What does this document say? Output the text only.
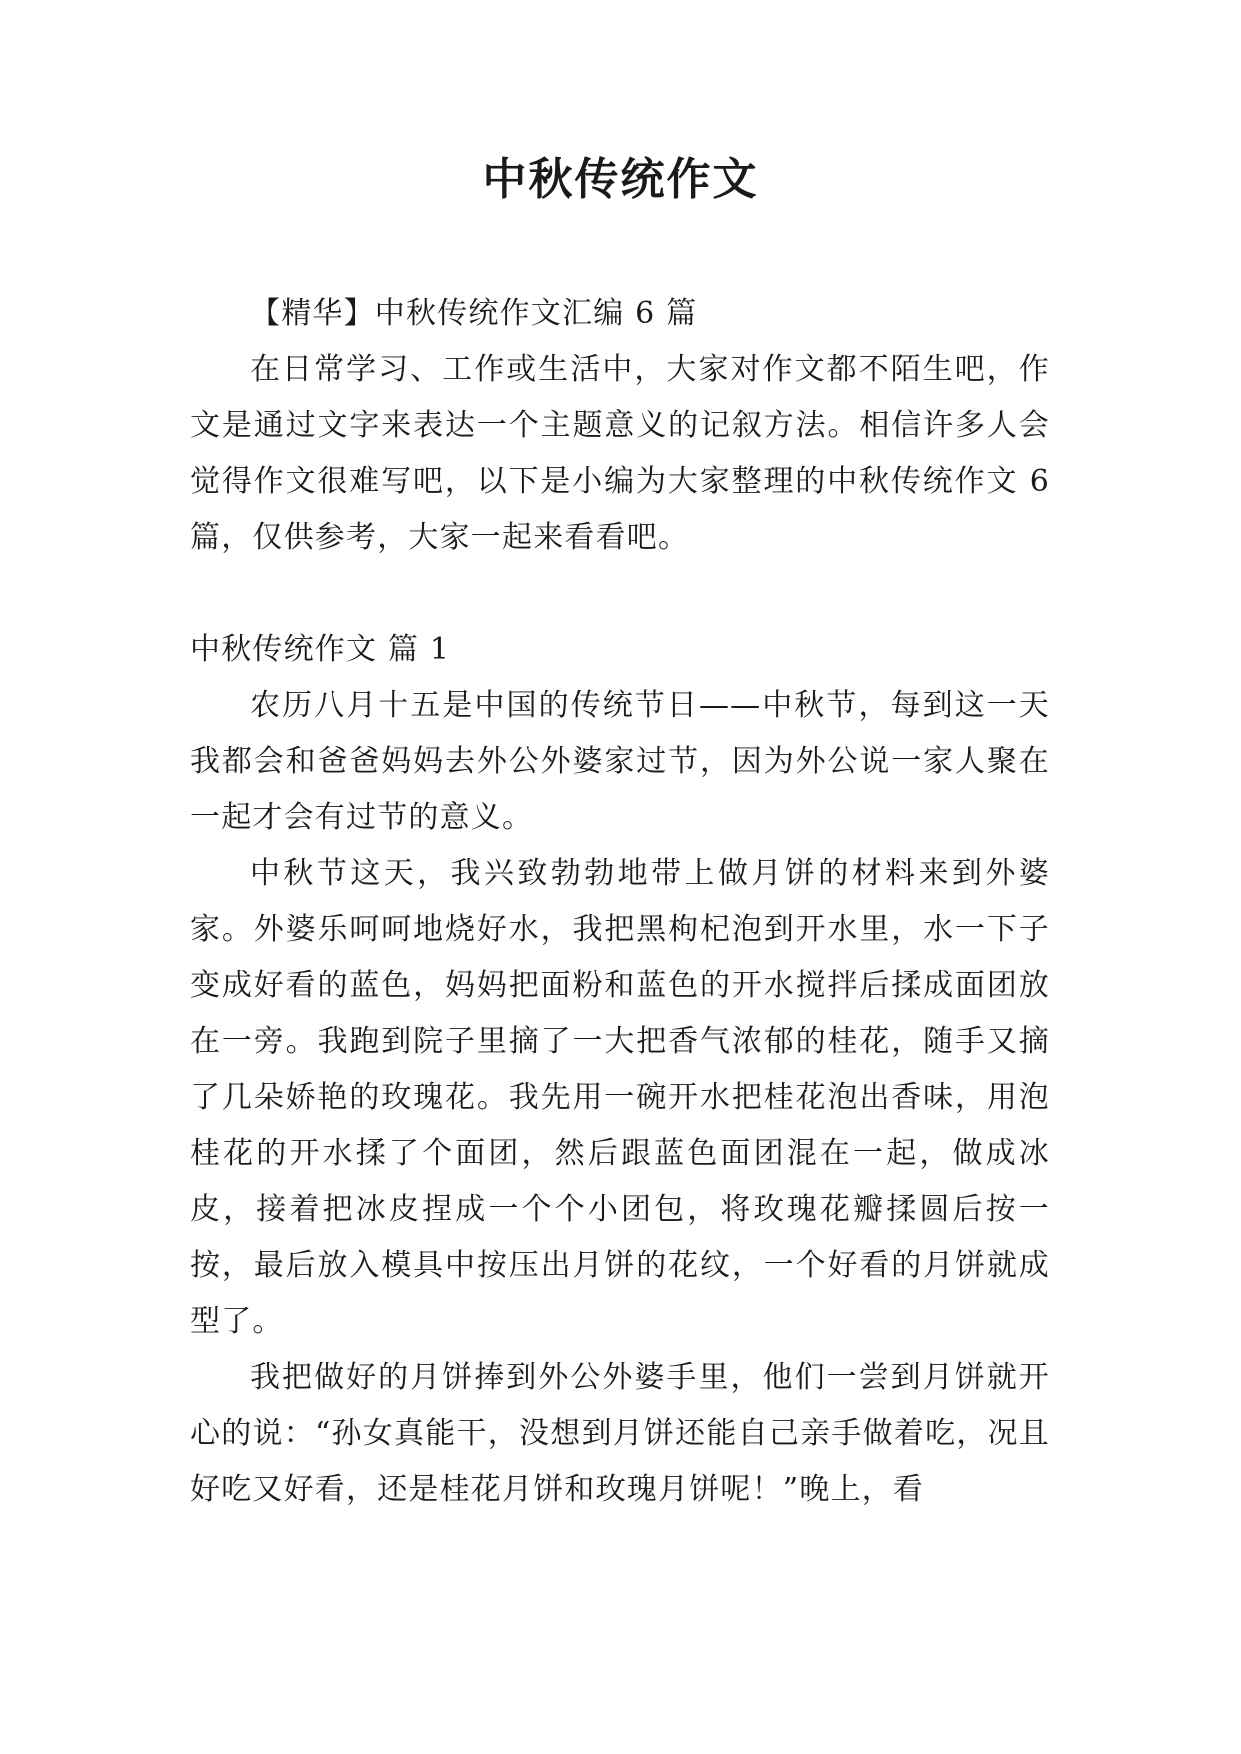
中秋传统作文

【精华】中秋传统作文汇编 6 篇

在日常学习、工作或生活中，大家对作文都不陌生吧，作文是通过文字来表达一个主题意义的记叙方法。相信许多人会觉得作文很难写吧，以下是小编为大家整理的中秋传统作文 6 篇，仅供参考，大家一起来看看吧。

中秋传统作文 篇 1

农历八月十五是中国的传统节日——中秋节，每到这一天我都会和爸爸妈妈去外公外婆家过节，因为外公说一家人聚在一起才会有过节的意义。

中秋节这天，我兴致勃勃地带上做月饼的材料来到外婆家。外婆乐呵呵地烧好水，我把黑枸杞泡到开水里，水一下子变成好看的蓝色，妈妈把面粉和蓝色的开水搅拌后揉成面团放在一旁。我跑到院子里摘了一大把香气浓郁的桂花，随手又摘了几朵娇艳的玫瑰花。我先用一碗开水把桂花泡出香味，用泡桂花的开水揉了个面团，然后跟蓝色面团混在一起，做成冰皮，接着把冰皮捏成一个个小团包，将玫瑰花瓣揉圆后按一按，最后放入模具中按压出月饼的花纹，一个好看的月饼就成型了。

我把做好的月饼捧到外公外婆手里，他们一尝到月饼就开心的说：“孙女真能干，没想到月饼还能自己亲手做着吃，况且好吃又好看，还是桂花月饼和玫瑰月饼呢！”晚上，看
